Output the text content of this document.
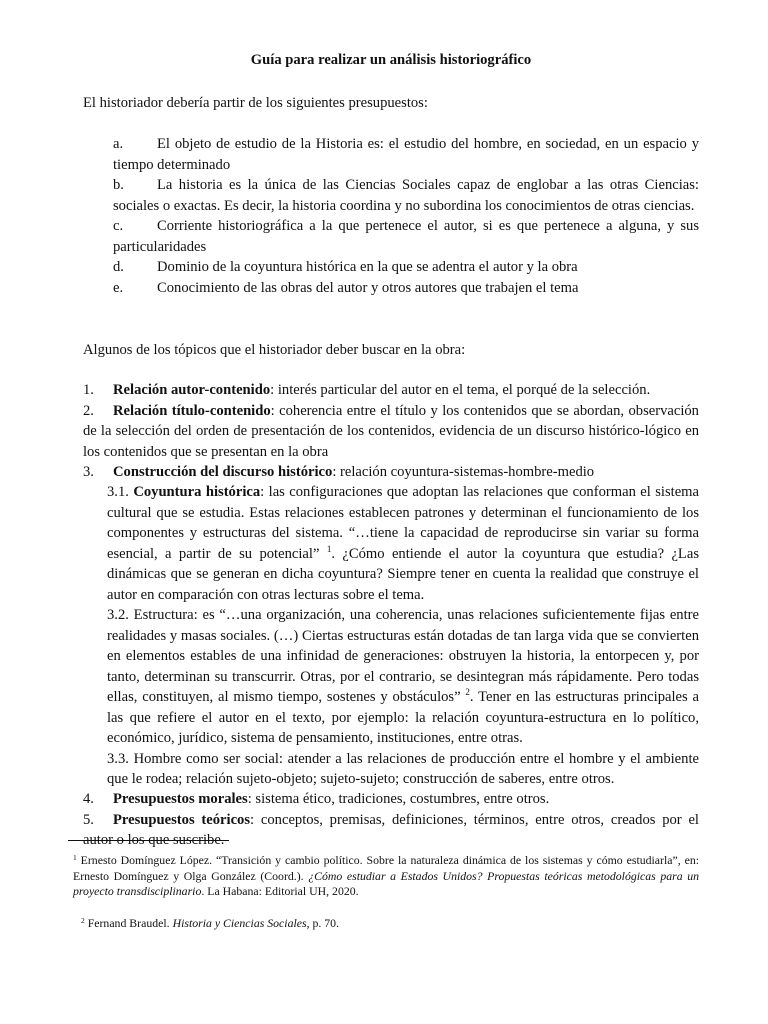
Guía para realizar un análisis historiográfico
El historiador debería partir de los siguientes presupuestos:
a. El objeto de estudio de la Historia es: el estudio del hombre, en sociedad, en un espacio y tiempo determinado
b. La historia es la única de las Ciencias Sociales capaz de englobar a las otras Ciencias: sociales o exactas. Es decir, la historia coordina y no subordina los conocimientos de otras ciencias.
c. Corriente historiográfica a la que pertenece el autor, si es que pertenece a alguna, y sus particularidades
d. Dominio de la coyuntura histórica en la que se adentra el autor y la obra
e. Conocimiento de las obras del autor y otros autores que trabajen el tema
Algunos de los tópicos que el historiador deber buscar en la obra:
1. Relación autor-contenido: interés particular del autor en el tema, el porqué de la selección.
2. Relación título-contenido: coherencia entre el título y los contenidos que se abordan, observación de la selección del orden de presentación de los contenidos, evidencia de un discurso histórico-lógico en los contenidos que se presentan en la obra
3. Construcción del discurso histórico: relación coyuntura-sistemas-hombre-medio
3.1. Coyuntura histórica: las configuraciones que adoptan las relaciones que conforman el sistema cultural que se estudia. Estas relaciones establecen patrones y determinan el funcionamiento de los componentes y estructuras del sistema. “…tiene la capacidad de reproducirse sin variar su forma esencial, a partir de su potencial” $^1$. ¿Cómo entiende el autor la coyuntura que estudia? ¿Las dinámicas que se generan en dicha coyuntura? Siempre tener en cuenta la realidad que construye el autor en comparación con otras lecturas sobre el tema.
3.2. Estructura: es “…una organización, una coherencia, unas relaciones suficientemente fijas entre realidades y masas sociales. (…) Ciertas estructuras están dotadas de tan larga vida que se convierten en elementos estables de una infinidad de generaciones: obstruyen la historia, la entorpecen y, por tanto, determinan su transcurrir. Otras, por el contrario, se desintegran más rápidamente. Pero todas ellas, constituyen, al mismo tiempo, sostenes y obstáculos” $^2$. Tener en las estructuras principales a las que refiere el autor en el texto, por ejemplo: la relación coyuntura-estructura en lo político, económico, jurídico, sistema de pensamiento, instituciones, entre otras.
3.3. Hombre como ser social: atender a las relaciones de producción entre el hombre y el ambiente que le rodea; relación sujeto-objeto; sujeto-sujeto; construcción de saberes, entre otros.
4. Presupuestos morales: sistema ético, tradiciones, costumbres, entre otros.
5. Presupuestos teóricos: conceptos, premisas, definiciones, términos, entre otros, creados por el autor o los que suscribe.
$^1$ Ernesto Domínguez López. “Transición y cambio político. Sobre la naturaleza dinámica de los sistemas y cómo estudiarla”, en: Ernesto Domínguez y Olga González (Coord.). ¿Cómo estudiar a Estados Unidos? Propuestas teóricas metodológicas para un proyecto transdisciplinario. La Habana: Editorial UH, 2020.
$^2$ Fernand Braudel. Historia y Ciencias Sociales, p. 70.
